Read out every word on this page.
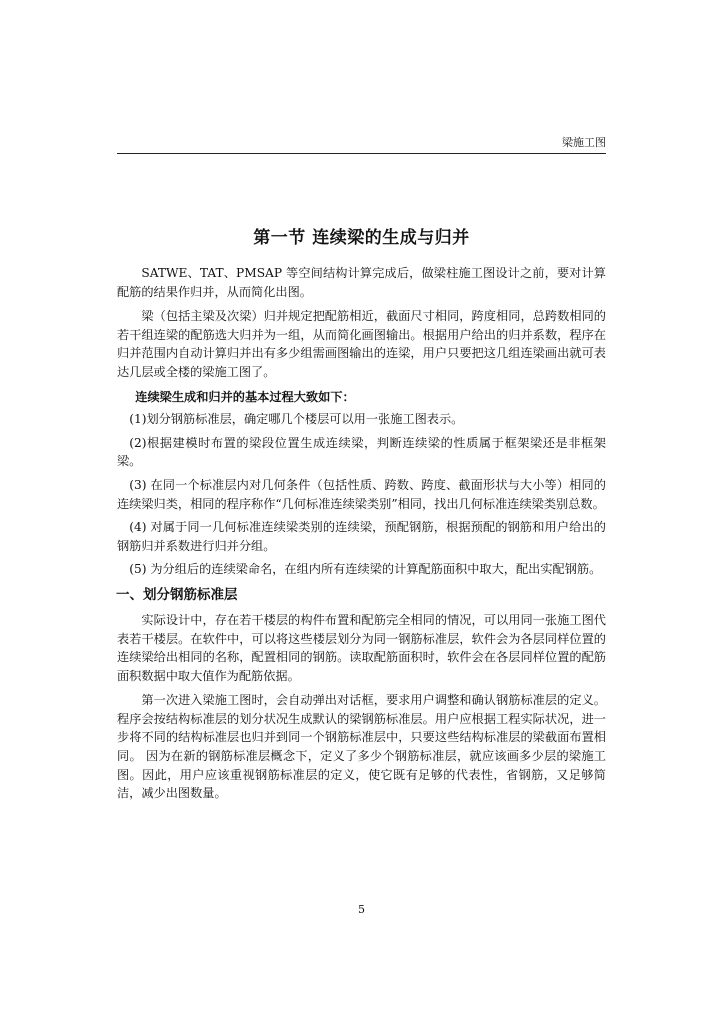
梁施工图
第一节 连续梁的生成与归并

SATWE、TAT、PMSAP 等空间结构计算完成后，做梁柱施工图设计之前，要对计算配筋的结果作归并，从而简化出图。

梁（包括主梁及次梁）归并规定把配筋相近，截面尺寸相同，跨度相同，总跨数相同的若干组连梁的配筋选大归并为一组，从而简化画图输出。根据用户给出的归并系数，程序在归并范围内自动计算归并出有多少组需画图输出的连梁，用户只要把这几组连梁画出就可表达几层或全楼的梁施工图了。

连续梁生成和归并的基本过程大致如下：

(1)划分钢筋标准层，确定哪几个楼层可以用一张施工图表示。

(2)根据建模时布置的梁段位置生成连续梁，判断连续梁的性质属于框架梁还是非框架梁。

(3) 在同一个标准层内对几何条件（包括性质、跨数、跨度、截面形状与大小等）相同的连续梁归类，相同的程序称作“几何标准连续梁类别”相同，找出几何标准连续梁类别总数。

(4) 对属于同一几何标准连续梁类别的连续梁，预配钢筋，根据预配的钢筋和用户给出的钢筋归并系数进行归并分组。

(5) 为分组后的连续梁命名，在组内所有连续梁的计算配筋面积中取大，配出实配钢筋。

一、划分钢筋标准层

实际设计中，存在若干楼层的构件布置和配筋完全相同的情况，可以用同一张施工图代表若干楼层。在软件中，可以将这些楼层划分为同一钢筋标准层，软件会为各层同样位置的连续梁给出相同的名称，配置相同的钢筋。读取配筋面积时，软件会在各层同样位置的配筋面积数据中取大值作为配筋依据。

第一次进入梁施工图时，会自动弹出对话框，要求用户调整和确认钢筋标准层的定义。程序会按结构标准层的划分状况生成默认的梁钢筋标准层。用户应根据工程实际状况，进一步将不同的结构标准层也归并到同一个钢筋标准层中，只要这些结构标准层的梁截面布置相同。 因为在新的钢筋标准层概念下，定义了多少个钢筋标准层，就应该画多少层的梁施工图。因此，用户应该重视钢筋标准层的定义，使它既有足够的代表性，省钢筋，又足够简洁，减少出图数量。

5
